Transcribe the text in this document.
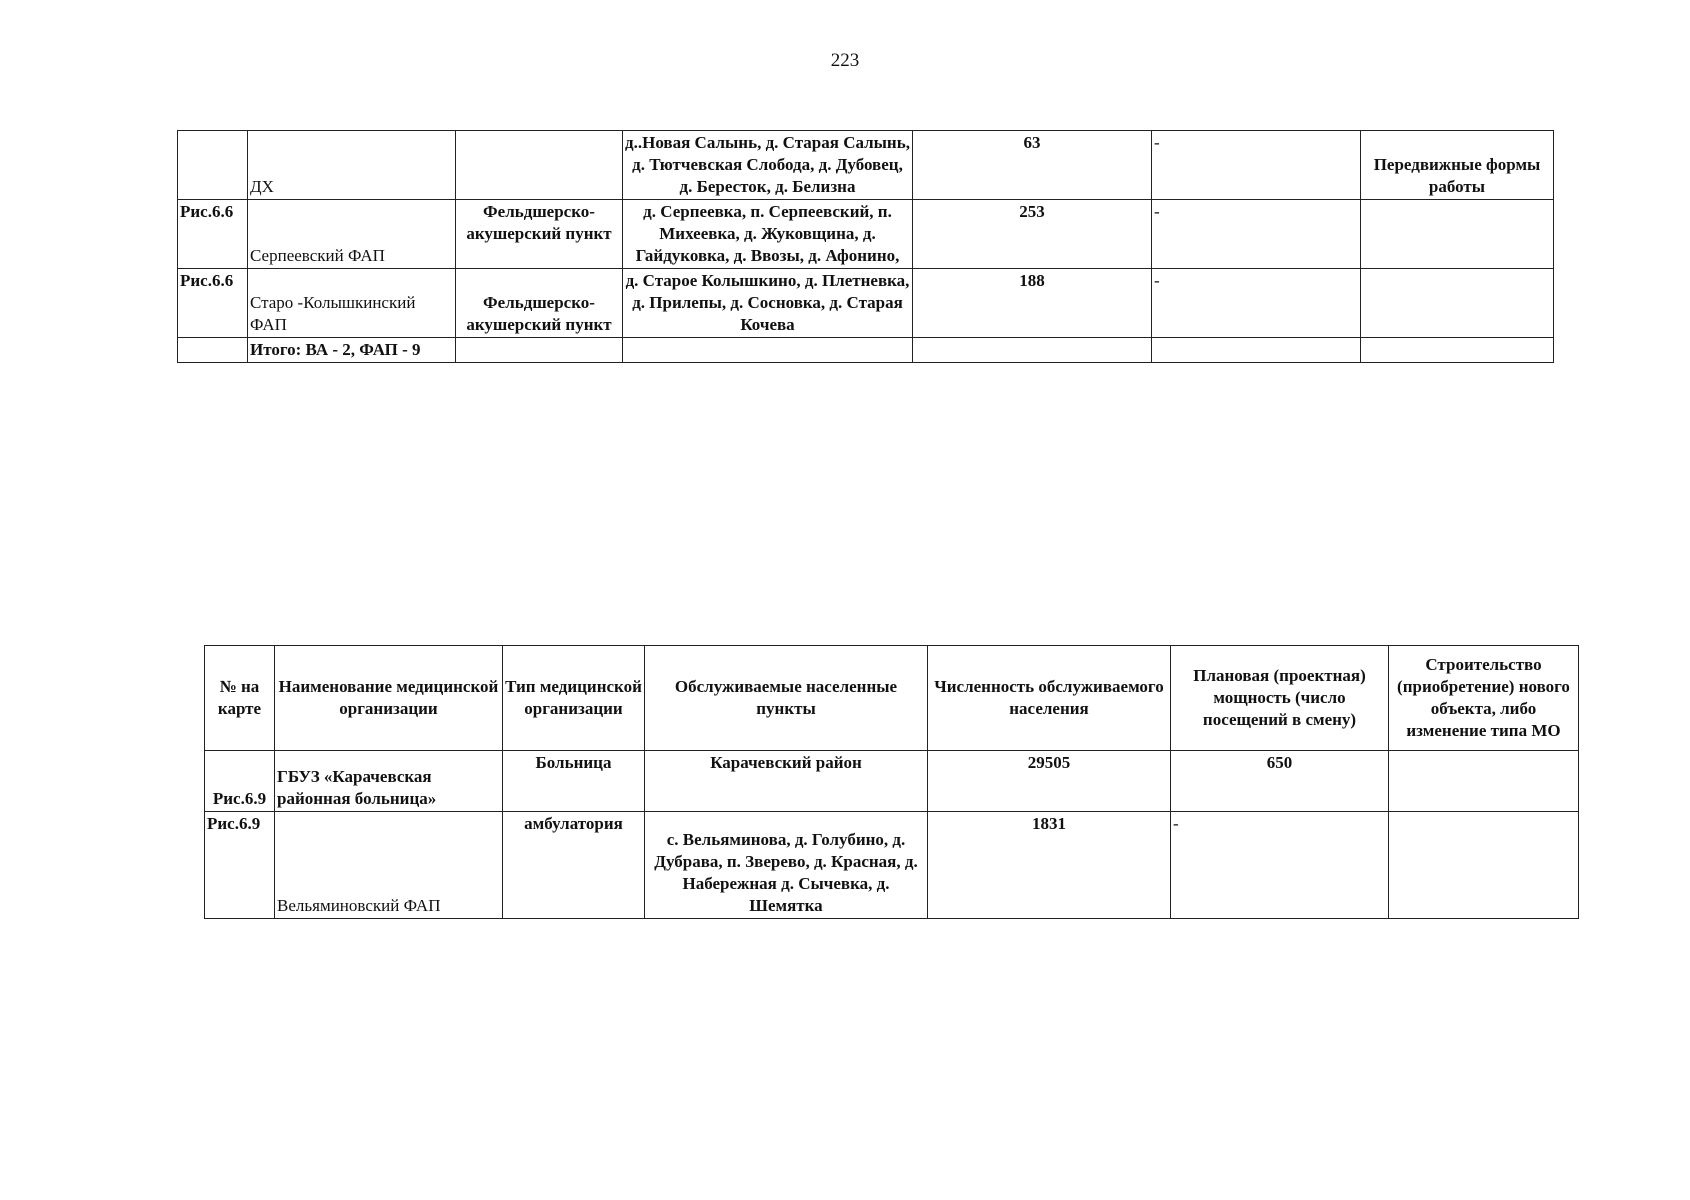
223
	ДХ		д..Новая Салынь, д. Старая Салынь, д. Тютчевская Слобода, д. Дубовец, д. Бересток, д. Белизна	63	-	Передвижные формы работы
Рис.6.6	Серпеевский ФАП	Фельдшерско-акушерский пункт	д. Серпеевка, п. Серпеевский, п. Михеевка, д. Жуковщина, д. Гайдуковка, д. Ввозы, д. Афонино,	253	-	
Рис.6.6	Старо -Колышкинский ФАП	Фельдшерско-акушерский пункт	д. Старое Колышкино, д. Плетневка, д. Прилепы, д. Сосновка, д. Старая Кочева	188	-	
	Итого: ВА - 2, ФАП - 9					
№ на карте	Наименование медицинской организации	Тип медицинской организации	Обслуживаемые населенные пункты	Численность обслуживаемого населения	Плановая (проектная) мощность (число посещений в смену)	Строительство (приобретение) нового объекта, либо изменение типа МО
Рис.6.9	ГБУЗ «Карачевская районная больница»	Больница	Карачевский район	29505	650	
Рис.6.9	Вельяминовский ФАП	амбулатория	с. Вельяминова, д. Голубино, д. Дубрава, п. Зверево, д. Красная, д. Набережная д. Сычевка, д. Шемятка	1831	-	
